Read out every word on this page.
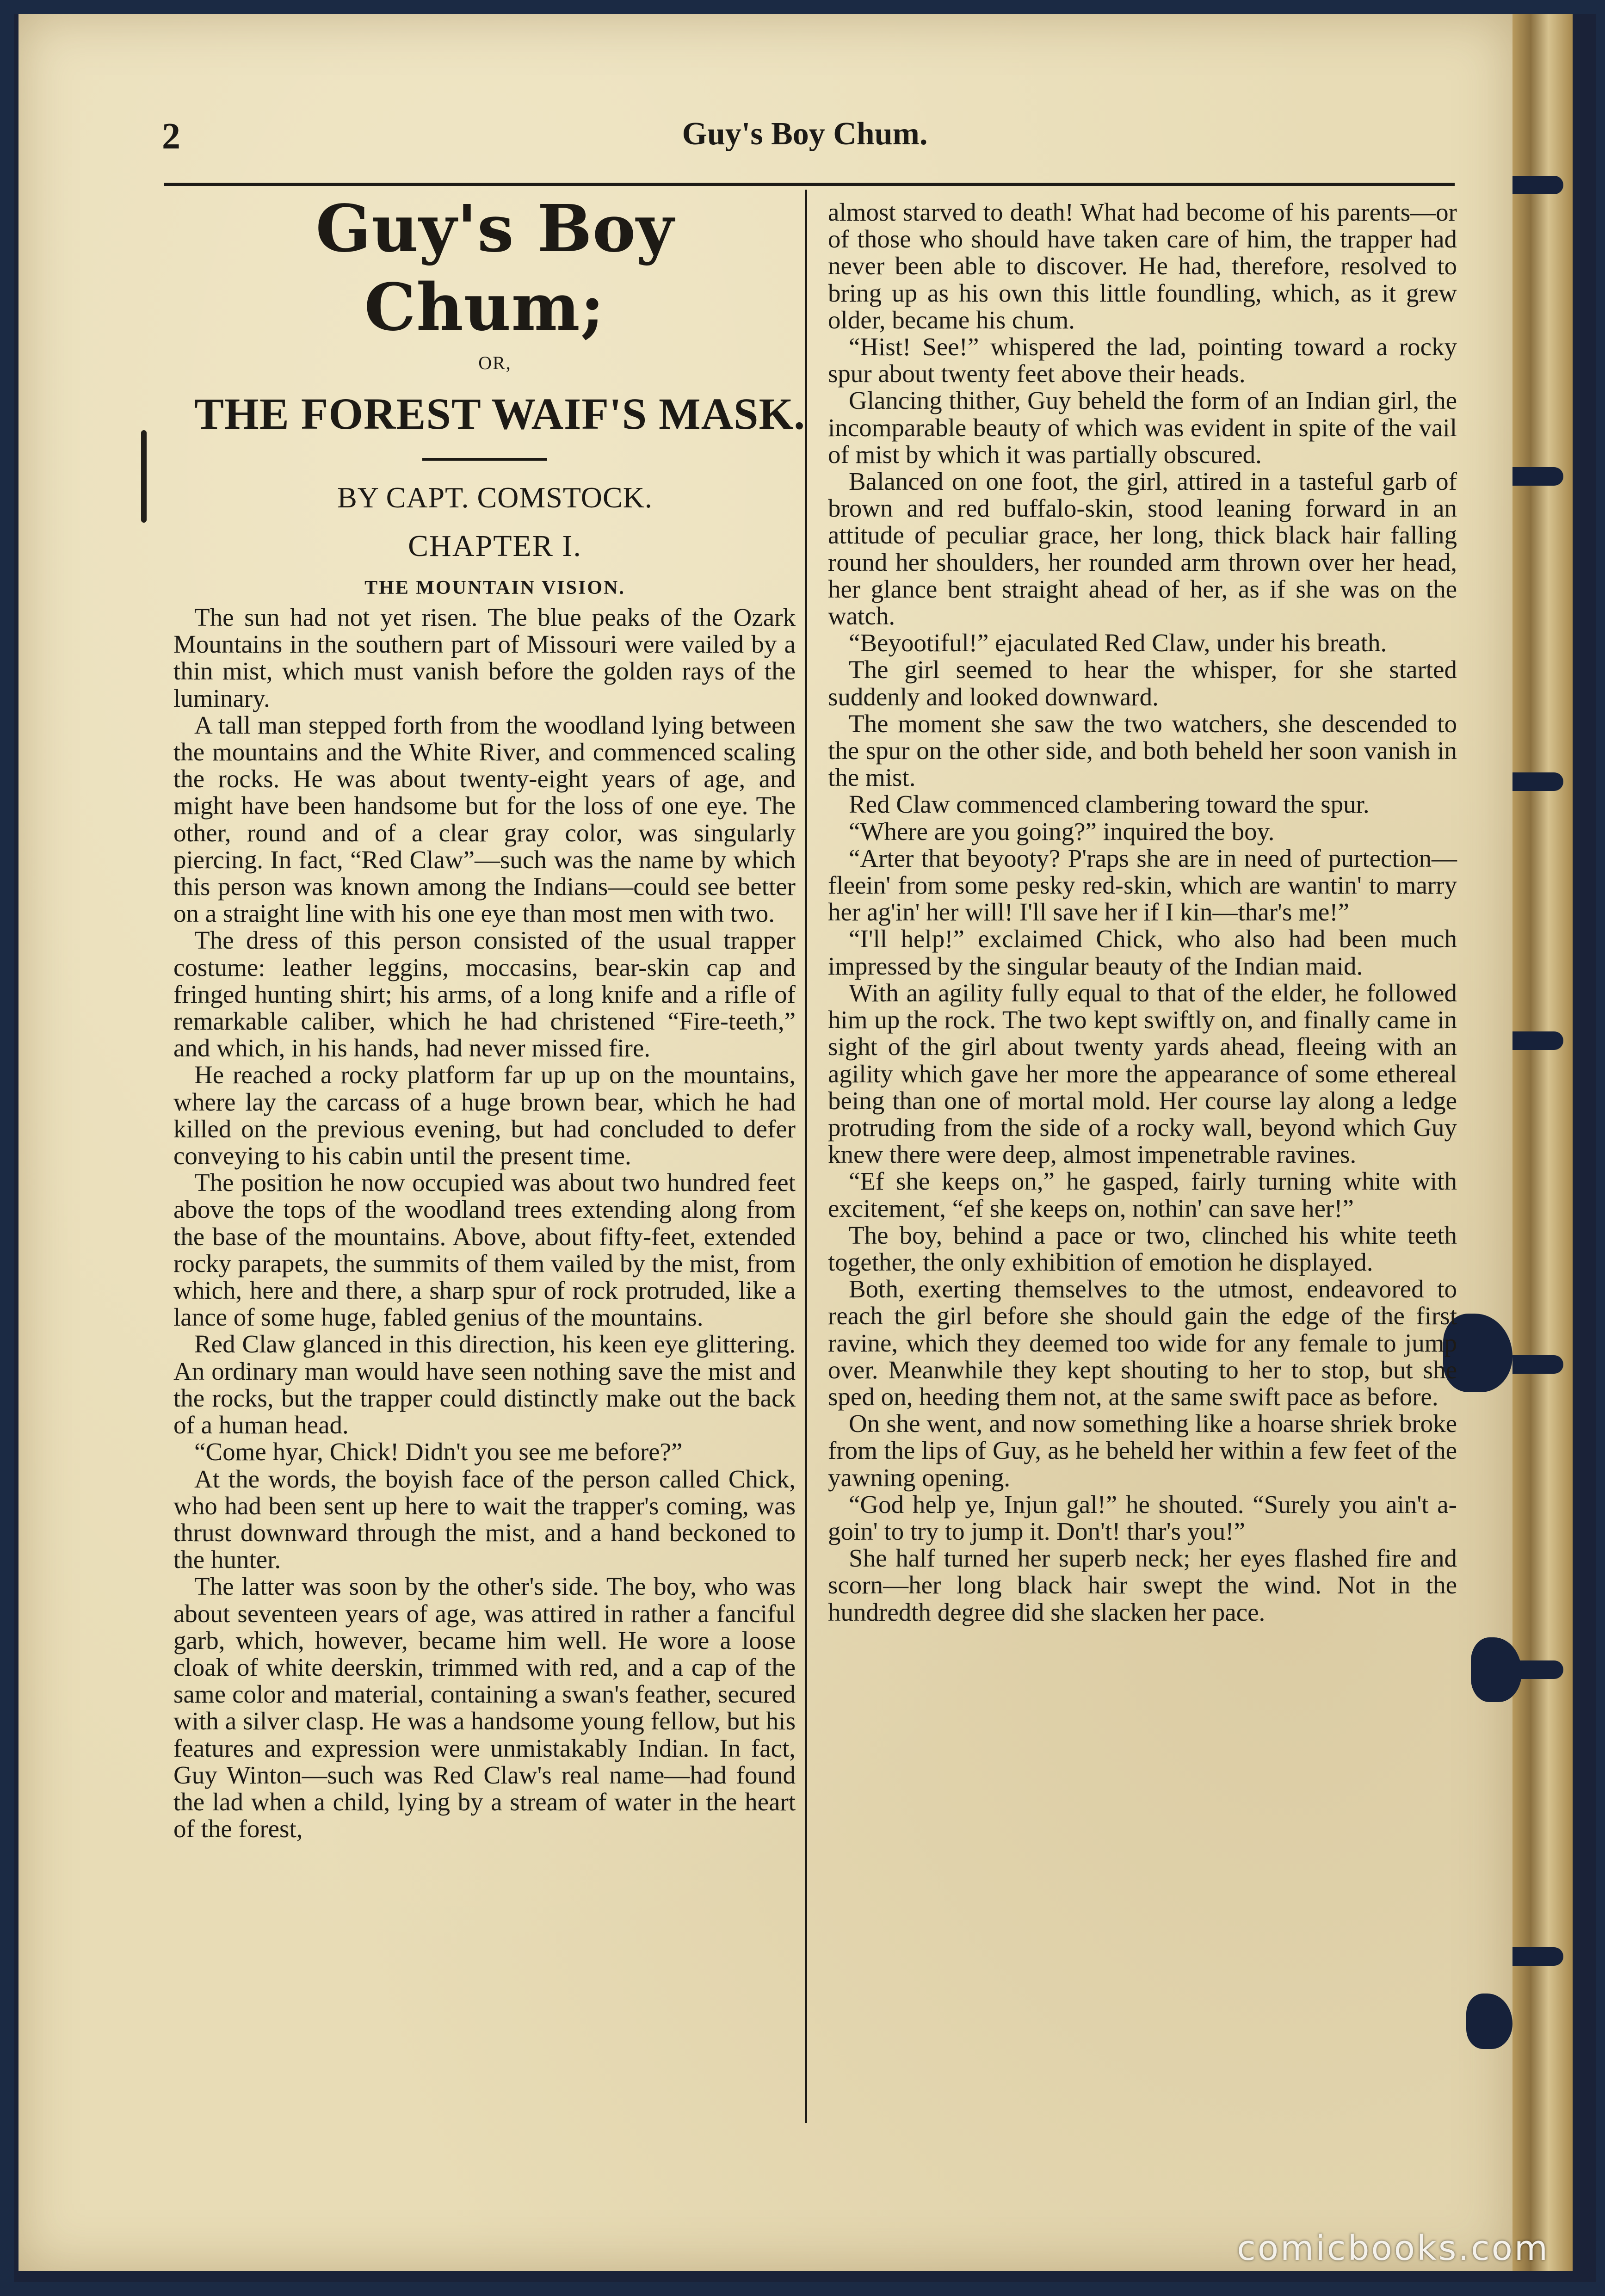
2	Guy's Boy Chum.

Guy's Boy Chum;

OR,

THE FOREST WAIF'S MASK.

BY CAPT. COMSTOCK.

CHAPTER I.

THE MOUNTAIN VISION.

The sun had not yet risen. The blue peaks of the Ozark Mountains in the southern part of Missouri were vailed by a thin mist, which must vanish before the golden rays of the luminary.

A tall man stepped forth from the woodland lying between the mountains and the White River, and commenced scaling the rocks. He was about twenty-eight years of age, and might have been handsome but for the loss of one eye. The other, round and of a clear gray color, was singularly piercing. In fact, “Red Claw”—such was the name by which this person was known among the Indians—could see better on a straight line with his one eye than most men with two.

The dress of this person consisted of the usual trapper costume: leather leggins, moccasins, bear-skin cap and fringed hunting shirt; his arms, of a long knife and a rifle of remarkable caliber, which he had christened “Fire-teeth,” and which, in his hands, had never missed fire.

He reached a rocky platform far up up on the mountains, where lay the carcass of a huge brown bear, which he had killed on the previous evening, but had concluded to defer conveying to his cabin until the present time.

The position he now occupied was about two hundred feet above the tops of the woodland trees extending along from the base of the mountains. Above, about fifty-feet, extended rocky parapets, the summits of them vailed by the mist, from which, here and there, a sharp spur of rock protruded, like a lance of some huge, fabled genius of the mountains.

Red Claw glanced in this direction, his keen eye glittering. An ordinary man would have seen nothing save the mist and the rocks, but the trapper could distinctly make out the back of a human head.

“Come hyar, Chick! Didn't you see me before?”

At the words, the boyish face of the person called Chick, who had been sent up here to wait the trapper's coming, was thrust downward through the mist, and a hand beckoned to the hunter.

The latter was soon by the other's side. The boy, who was about seventeen years of age, was attired in rather a fanciful garb, which, however, became him well. He wore a loose cloak of white deerskin, trimmed with red, and a cap of the same color and material, containing a swan's feather, secured with a silver clasp. He was a handsome young fellow, but his features and expression were unmistakably Indian. In fact, Guy Winton—such was Red Claw's real name—had found the lad when a child, lying by a stream of water in the heart of the forest,

almost starved to death! What had become of his parents—or of those who should have taken care of him, the trapper had never been able to discover. He had, therefore, resolved to bring up as his own this little foundling, which, as it grew older, became his chum.

“Hist! See!” whispered the lad, pointing toward a rocky spur about twenty feet above their heads.

Glancing thither, Guy beheld the form of an Indian girl, the incomparable beauty of which was evident in spite of the vail of mist by which it was partially obscured.

Balanced on one foot, the girl, attired in a tasteful garb of brown and red buffalo-skin, stood leaning forward in an attitude of peculiar grace, her long, thick black hair falling round her shoulders, her rounded arm thrown over her head, her glance bent straight ahead of her, as if she was on the watch.

“Beyootiful!” ejaculated Red Claw, under his breath.

The girl seemed to hear the whisper, for she started suddenly and looked downward.

The moment she saw the two watchers, she descended to the spur on the other side, and both beheld her soon vanish in the mist.

Red Claw commenced clambering toward the spur.

“Where are you going?” inquired the boy.

“Arter that beyooty? P'raps she are in need of purtection—fleein' from some pesky red-skin, which are wantin' to marry her ag'in' her will! I'll save her if I kin—thar's me!”

“I'll help!” exclaimed Chick, who also had been much impressed by the singular beauty of the Indian maid.

With an agility fully equal to that of the elder, he followed him up the rock. The two kept swiftly on, and finally came in sight of the girl about twenty yards ahead, fleeing with an agility which gave her more the appearance of some ethereal being than one of mortal mold. Her course lay along a ledge protruding from the side of a rocky wall, beyond which Guy knew there were deep, almost impenetrable ravines.

“Ef she keeps on,” he gasped, fairly turning white with excitement, “ef she keeps on, nothin' can save her!”

The boy, behind a pace or two, clinched his white teeth together, the only exhibition of emotion he displayed.

Both, exerting themselves to the utmost, endeavored to reach the girl before she should gain the edge of the first ravine, which they deemed too wide for any female to jump over. Meanwhile they kept shouting to her to stop, but she sped on, heeding them not, at the same swift pace as before.

On she went, and now something like a hoarse shriek broke from the lips of Guy, as he beheld her within a few feet of the yawning opening.

“God help ye, Injun gal!” he shouted. “Surely you ain't a-goin' to try to jump it. Don't! thar's you!”

She half turned her superb neck; her eyes flashed fire and scorn—her long black hair swept the wind. Not in the hundredth degree did she slacken her pace.

comicbooks.com
